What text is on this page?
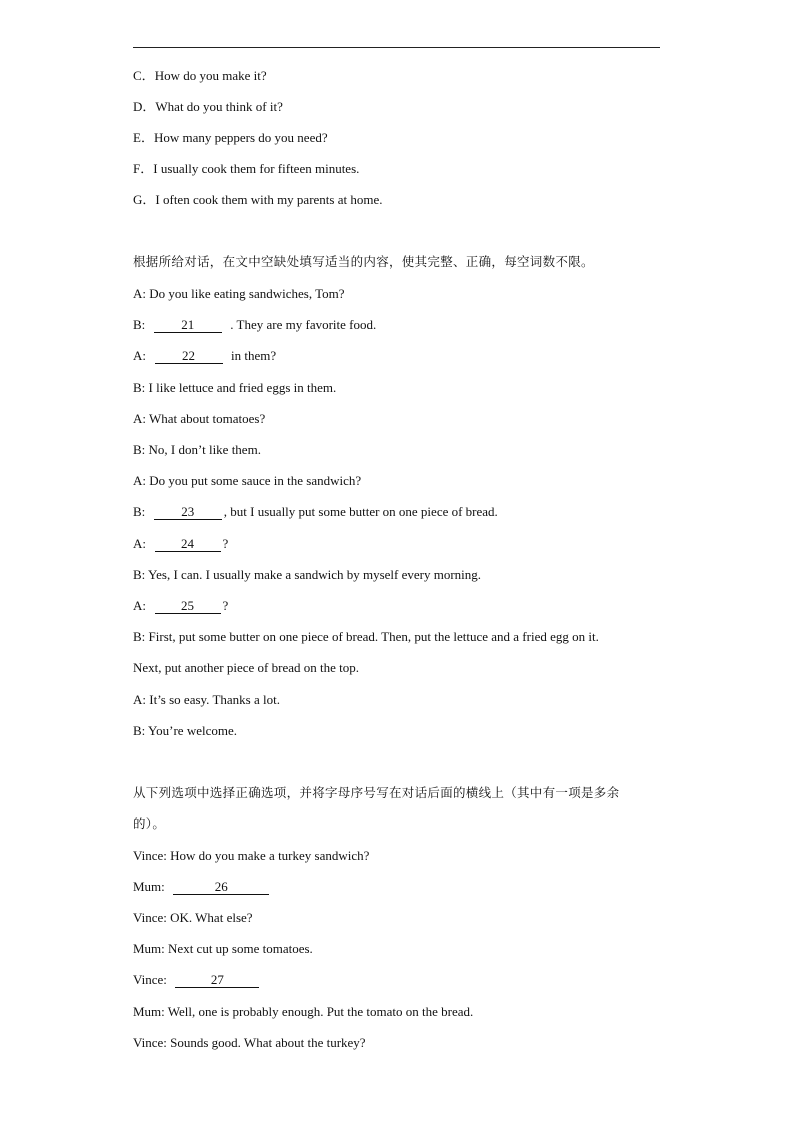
C．How do you make it?
D．What do you think of it?
E．How many peppers do you need?
F．I usually cook them for fifteen minutes.
G．I often cook them with my parents at home.
根据所给对话，在文中空缺处填写适当的内容，使其完整、正确，每空词数不限。
A: Do you like eating sandwiches, Tom?
B:	21	. They are my favorite food.
A:	22	in them?
B: I like lettuce and fried eggs in them.
A: What about tomatoes?
B: No, I don’t like them.
A: Do you put some sauce in the sandwich?
B:	23 , but I usually put some butter on one piece of bread.
A:	24 ?
B: Yes, I can. I usually make a sandwich by myself every morning.
A:	25 ?
B: First, put some butter on one piece of bread. Then, put the lettuce and a fried egg on it.
Next, put another piece of bread on the top.
A: It’s so easy. Thanks a lot.
B: You’re welcome.
从下列选项中选择正确选项，并将字母序号写在对话后面的横线上（其中有一项是多余
的）。
Vince: How do you make a turkey sandwich?
Mum:	26
Vince: OK. What else?
Mum: Next cut up some tomatoes.
Vince:	27
Mum: Well, one is probably enough. Put the tomato on the bread.
Vince: Sounds good. What about the turkey?
